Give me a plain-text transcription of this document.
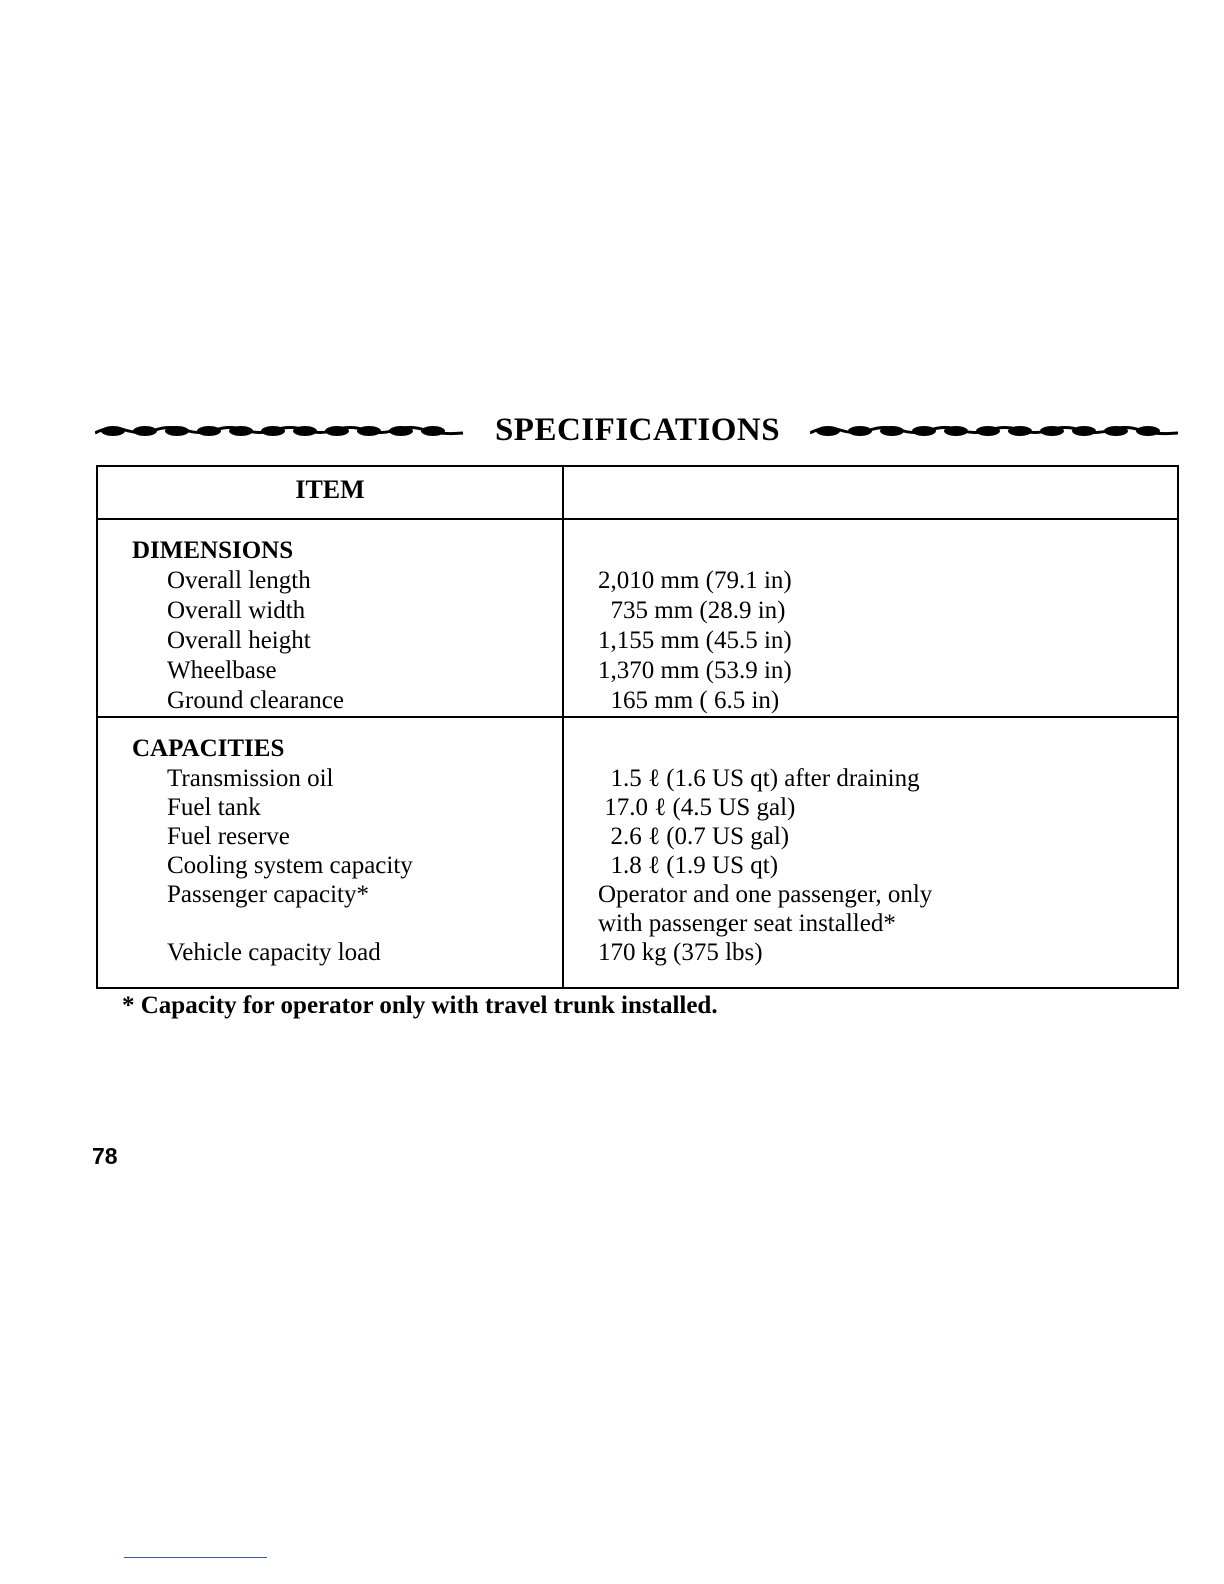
SPECIFICATIONS
ITEM
DIMENSIONS
Overall length	2,010 mm (79.1 in)
Overall width	735 mm (28.9 in)
Overall height	1,155 mm (45.5 in)
Wheelbase	1,370 mm (53.9 in)
Ground clearance	165 mm ( 6.5 in)
CAPACITIES
Transmission oil	1.5 ℓ (1.6 US qt) after draining
Fuel tank	17.0 ℓ (4.5 US gal)
Fuel reserve	2.6 ℓ (0.7 US gal)
Cooling system capacity	1.8 ℓ (1.9 US qt)
Passenger capacity*	Operator and one passenger, only
with passenger seat installed*
Vehicle capacity load	170 kg (375 lbs)
* Capacity for operator only with travel trunk installed.
78
